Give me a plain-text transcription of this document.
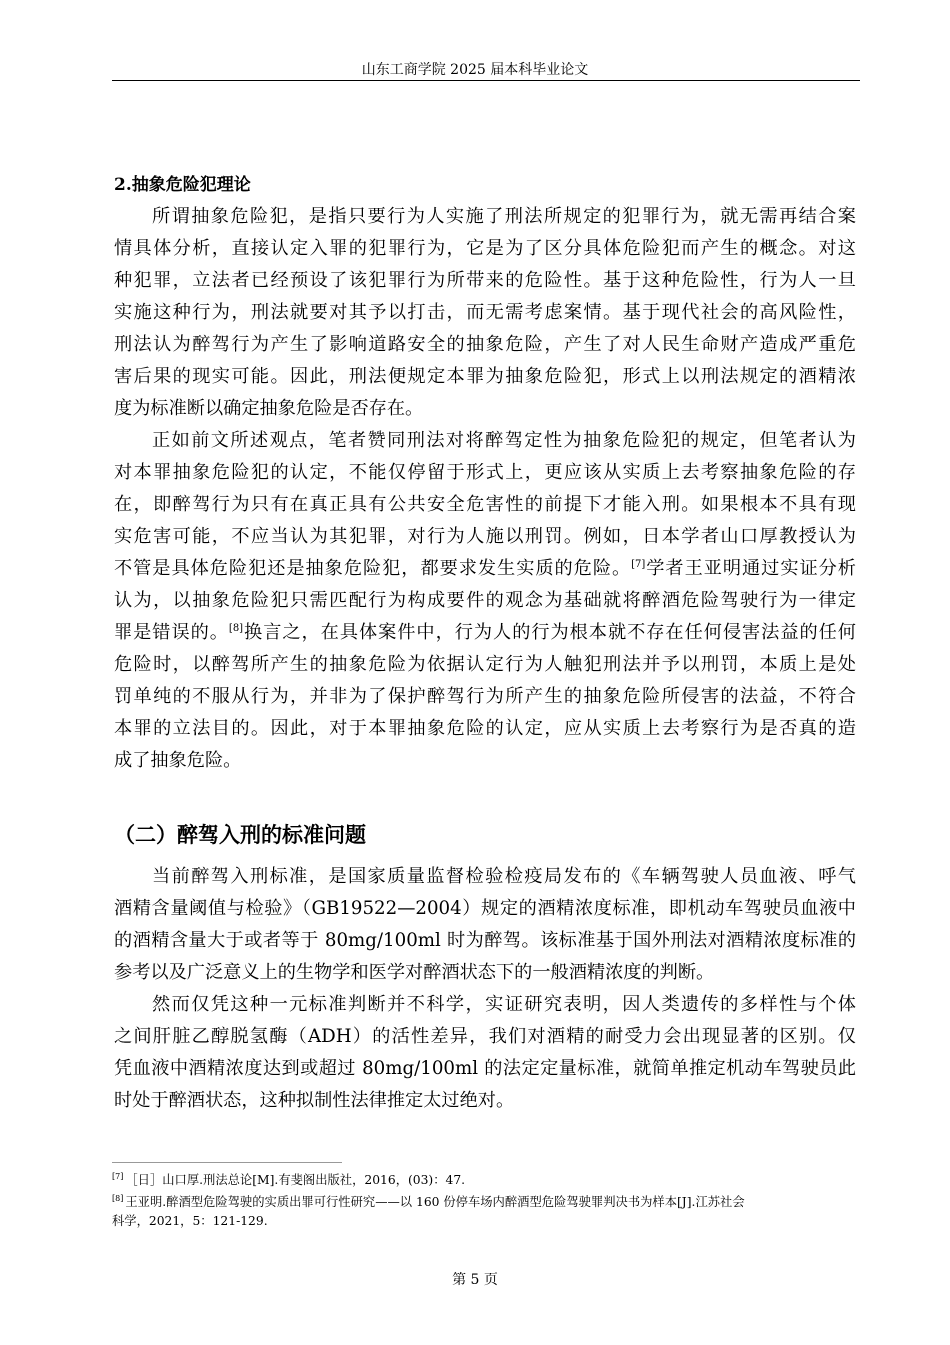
山东工商学院 2025 届本科毕业论文
2.抽象危险犯理论
所谓抽象危险犯，是指只要行为人实施了刑法所规定的犯罪行为，就无需再结合案
情具体分析，直接认定入罪的犯罪行为，它是为了区分具体危险犯而产生的概念。对这
种犯罪，立法者已经预设了该犯罪行为所带来的危险性。基于这种危险性，行为人一旦
实施这种行为，刑法就要对其予以打击，而无需考虑案情。基于现代社会的高风险性，
刑法认为醉驾行为产生了影响道路安全的抽象危险，产生了对人民生命财产造成严重危
害后果的现实可能。因此，刑法便规定本罪为抽象危险犯，形式上以刑法规定的酒精浓
度为标准断以确定抽象危险是否存在。
正如前文所述观点，笔者赞同刑法对将醉驾定性为抽象危险犯的规定，但笔者认为
对本罪抽象危险犯的认定，不能仅停留于形式上，更应该从实质上去考察抽象危险的存
在，即醉驾行为只有在真正具有公共安全危害性的前提下才能入刑。如果根本不具有现
实危害可能，不应当认为其犯罪，对行为人施以刑罚。例如，日本学者山口厚教授认为
不管是具体危险犯还是抽象危险犯，都要求发生实质的危险。[7]学者王亚明通过实证分析
认为，以抽象危险犯只需匹配行为构成要件的观念为基础就将醉酒危险驾驶行为一律定
罪是错误的。[8]换言之，在具体案件中，行为人的行为根本就不存在任何侵害法益的任何
危险时，以醉驾所产生的抽象危险为依据认定行为人触犯刑法并予以刑罚，本质上是处
罚单纯的不服从行为，并非为了保护醉驾行为所产生的抽象危险所侵害的法益，不符合
本罪的立法目的。因此，对于本罪抽象危险的认定，应从实质上去考察行为是否真的造
成了抽象危险。
（二）醉驾入刑的标准问题
当前醉驾入刑标准，是国家质量监督检验检疫局发布的《车辆驾驶人员血液、呼气
酒精含量阈值与检验》（GB19522—2004）规定的酒精浓度标准，即机动车驾驶员血液中
的酒精含量大于或者等于 80mg/100ml 时为醉驾。该标准基于国外刑法对酒精浓度标准的
参考以及广泛意义上的生物学和医学对醉酒状态下的一般酒精浓度的判断。
然而仅凭这种一元标准判断并不科学，实证研究表明，因人类遗传的多样性与个体
之间肝脏乙醇脱氢酶（ADH）的活性差异，我们对酒精的耐受力会出现显著的区别。仅
凭血液中酒精浓度达到或超过 80mg/100ml 的法定定量标准，就简单推定机动车驾驶员此
时处于醉酒状态，这种拟制性法律推定太过绝对。
[7] ［日］山口厚.刑法总论[M].有斐阁出版社，2016，(03)：47.
[8] 王亚明.醉酒型危险驾驶的实质出罪可行性研究——以 160 份停车场内醉酒型危险驾驶罪判决书为样本[J].江苏社会
科学，2021，5：121-129.
第 5 页
